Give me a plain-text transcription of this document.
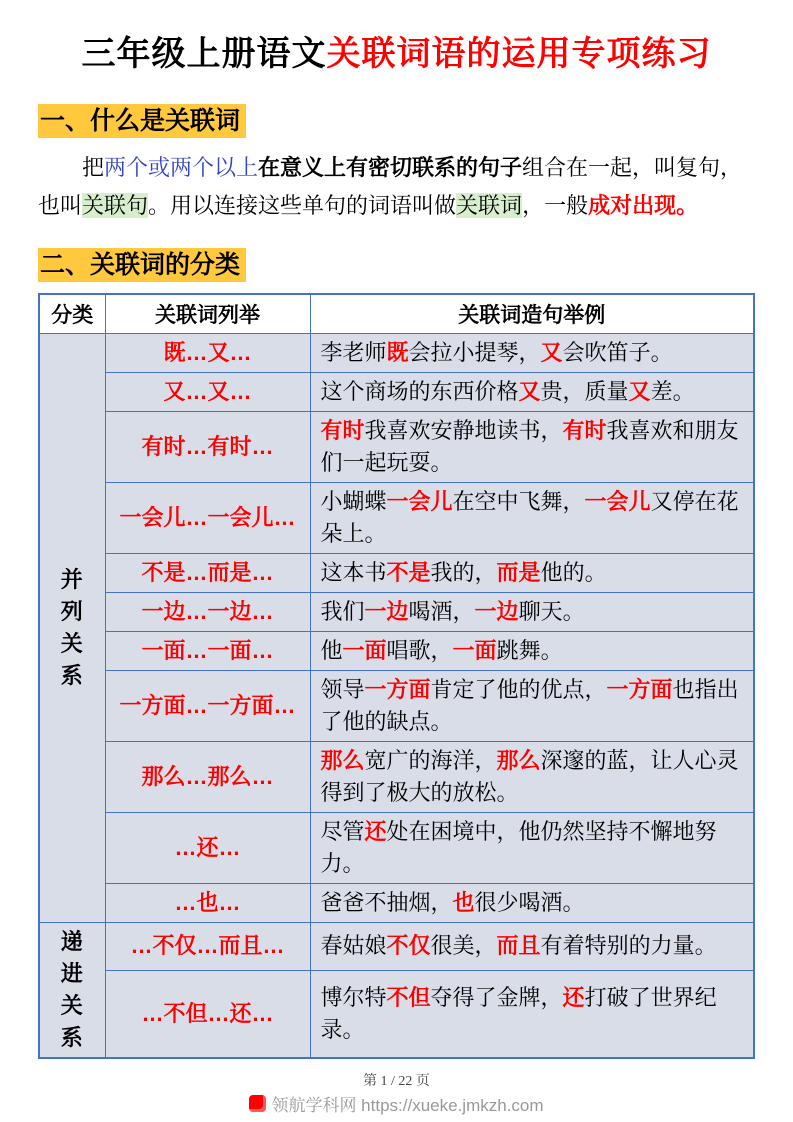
三年级上册语文关联词语的运用专项练习
一、什么是关联词

把两个或两个以上在意义上有密切联系的句子组合在一起，叫复句，也叫关联句。用以连接这些单句的词语叫做关联词，一般成对出现。

二、关联词的分类
分类	关联词列举	关联词造句举例
并列关系	既…又…	李老师既会拉小提琴，又会吹笛子。
	又…又…	这个商场的东西价格又贵，质量又差。
	有时…有时…	有时我喜欢安静地读书，有时我喜欢和朋友们一起玩耍。
	一会儿…一会儿…	小蝴蝶一会儿在空中飞舞，一会儿又停在花朵上。
	不是…而是…	这本书不是我的，而是他的。
	一边…一边…	我们一边喝酒，一边聊天。
	一面…一面…	他一面唱歌，一面跳舞。
	一方面…一方面…	领导一方面肯定了他的优点，一方面也指出了他的缺点。
	那么…那么…	那么宽广的海洋，那么深邃的蓝，让人心灵得到了极大的放松。
	…还…	尽管还处在困境中，他仍然坚持不懈地努力。
	…也…	爸爸不抽烟，也很少喝酒。
递进关系	…不仅…而且…	春姑娘不仅很美，而且有着特别的力量。
	…不但…还…	博尔特不但夺得了金牌，还打破了世界纪录。
第 1 / 22 页
领航学科网 https://xueke.jmkzh.com
